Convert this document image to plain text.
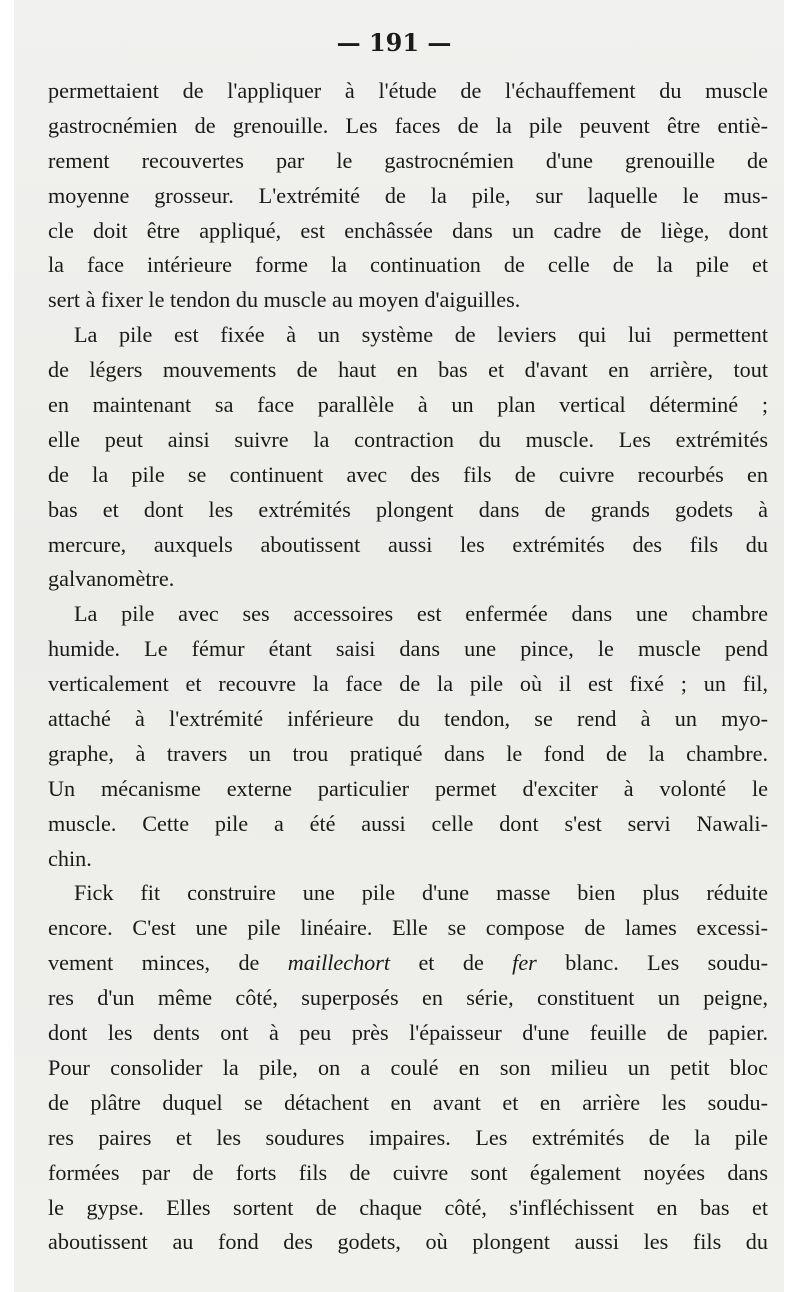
— 191 —
permettaient de l'appliquer à l'étude de l'échauffement du muscle
gastrocnémien de grenouille. Les faces de la pile peuvent être entiè-
rement recouvertes par le gastrocnémien d'une grenouille de
moyenne grosseur. L'extrémité de la pile, sur laquelle le mus-
cle doit être appliqué, est enchâssée dans un cadre de liège, dont
la face intérieure forme la continuation de celle de la pile et
sert à fixer le tendon du muscle au moyen d'aiguilles.
La pile est fixée à un système de leviers qui lui permettent
de légers mouvements de haut en bas et d'avant en arrière, tout
en maintenant sa face parallèle à un plan vertical déterminé ;
elle peut ainsi suivre la contraction du muscle. Les extrémités
de la pile se continuent avec des fils de cuivre recourbés en
bas et dont les extrémités plongent dans de grands godets à
mercure, auxquels aboutissent aussi les extrémités des fils du
galvanomètre.
La pile avec ses accessoires est enfermée dans une chambre
humide. Le fémur étant saisi dans une pince, le muscle pend
verticalement et recouvre la face de la pile où il est fixé ; un fil,
attaché à l'extrémité inférieure du tendon, se rend à un myo-
graphe, à travers un trou pratiqué dans le fond de la chambre.
Un mécanisme externe particulier permet d'exciter à volonté le
muscle. Cette pile a été aussi celle dont s'est servi Nawali-
chin.
Fick fit construire une pile d'une masse bien plus réduite
encore. C'est une pile linéaire. Elle se compose de lames excessi-
vement minces, de maillechort et de fer blanc. Les soudu-
res d'un même côté, superposés en série, constituent un peigne,
dont les dents ont à peu près l'épaisseur d'une feuille de papier.
Pour consolider la pile, on a coulé en son milieu un petit bloc
de plâtre duquel se détachent en avant et en arrière les soudu-
res paires et les soudures impaires. Les extrémités de la pile
formées par de forts fils de cuivre sont également noyées dans
le gypse. Elles sortent de chaque côté, s'infléchissent en bas et
aboutissent au fond des godets, où plongent aussi les fils du
